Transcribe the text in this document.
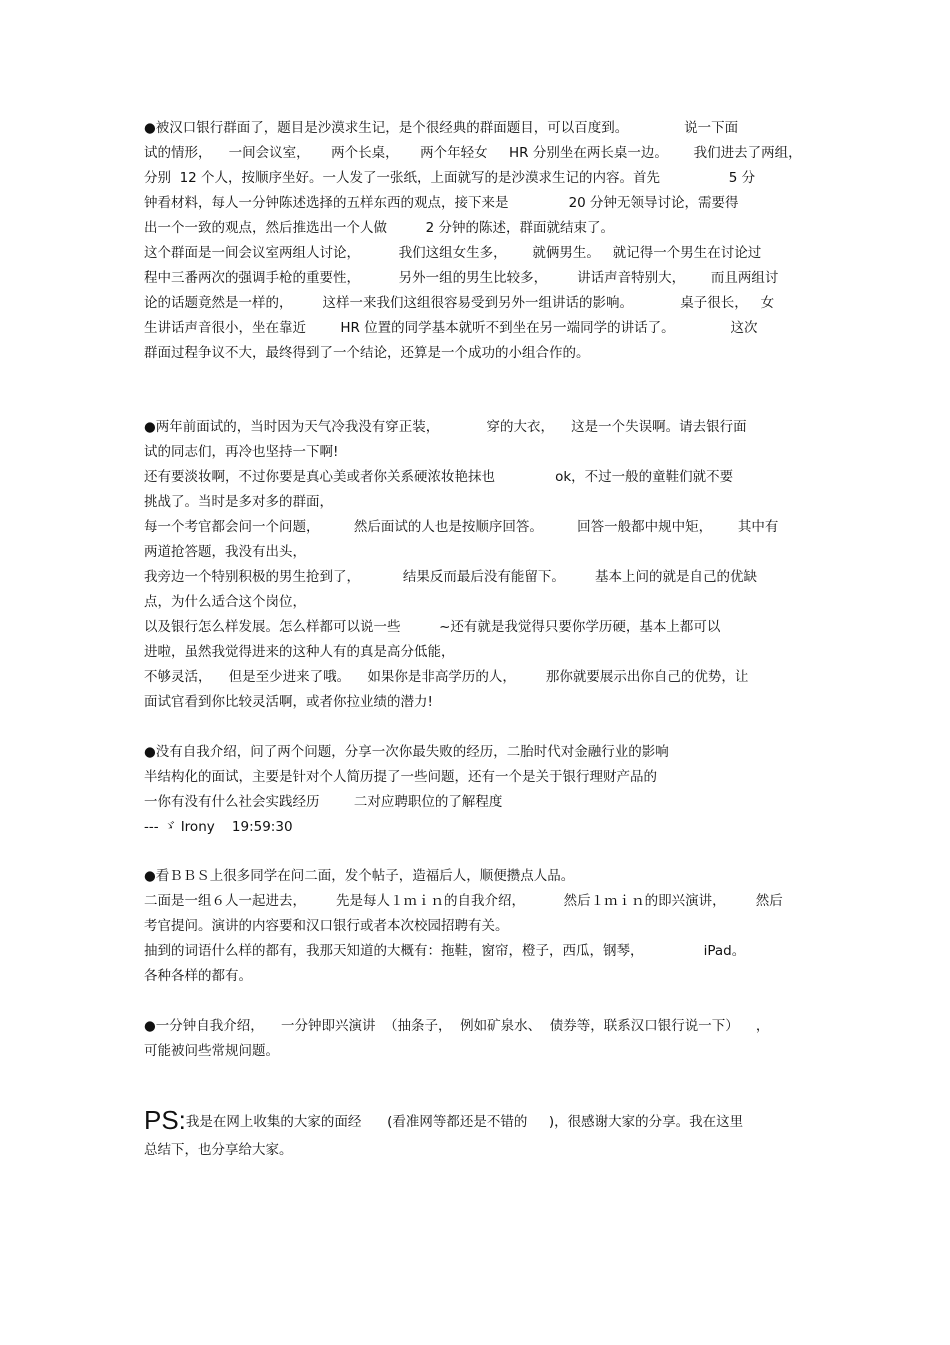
●被汉口银行群面了，题目是沙漠求生记，是个很经典的群面题目，可以百度到。             说一下面
试的情形，    一间会议室，     两个长桌，     两个年轻女     HR 分别坐在两长桌一边。      我们进去了两组，
分别  12 个人，按顺序坐好。一人发了一张纸，上面就写的是沙漠求生记的内容。首先                5 分
钟看材料，每人一分钟陈述选择的五样东西的观点，接下来是              20 分钟无领导讨论，需要得
出一个一致的观点，然后推选出一个人做         2 分钟的陈述，群面就结束了。
这个群面是一间会议室两组人讨论，         我们这组女生多，      就俩男生。   就记得一个男生在讨论过
程中三番两次的强调手枪的重要性，         另外一组的男生比较多，       讲话声音特别大，      而且两组讨
论的话题竟然是一样的，       这样一来我们这组很容易受到另外一组讲话的影响。           桌子很长，   女
生讲话声音很小，坐在靠近        HR 位置的同学基本就听不到坐在另一端同学的讲话了。             这次
群面过程争议不大，最终得到了一个结论，还算是一个成功的小组合作的。
●两年前面试的，当时因为天气冷我没有穿正装，           穿的大衣，    这是一个失误啊。请去银行面
试的同志们，再冷也坚持一下啊!
还有要淡妆啊，不过你要是真心美或者你关系硬浓妆艳抹也              ok，不过一般的童鞋们就不要
挑战了。当时是多对多的群面，
每一个考官都会问一个问题，        然后面试的人也是按顺序回答。        回答一般都中规中矩，      其中有
两道抢答题，我没有出头，
我旁边一个特别积极的男生抢到了，          结果反而最后没有能留下。       基本上问的就是自己的优缺
点，为什么适合这个岗位，
以及银行怎么样发展。怎么样都可以说一些         ~还有就是我觉得只要你学历硬，基本上都可以
进啦，虽然我觉得进来的这种人有的真是高分低能，
不够灵活，    但是至少进来了哦。    如果你是非高学历的人，       那你就要展示出你自己的优势，让
面试官看到你比较灵活啊，或者你拉业绩的潜力!
●没有自我介绍，问了两个问题，分享一次你最失败的经历，二胎时代对金融行业的影响
半结构化的面试，主要是针对个人简历提了一些问题，还有一个是关于银行理财产品的
一你有没有什么社会实践经历        二对应聘职位的了解程度
--- ゞ Irony    19:59:30
●看ＢＢＳ上很多同学在问二面，发个帖子，造福后人，顺便攒点人品。
二面是一组６人一起进去，       先是每人１ｍｉｎ的自我介绍，         然后１ｍｉｎ的即兴演讲，       然后
考官提问。演讲的内容要和汉口银行或者本次校园招聘有关。
抽到的词语什么样的都有，我那天知道的大概有：拖鞋，窗帘，橙子，西瓜，钢琴，              iPad。
各种各样的都有。
●一分钟自我介绍，    一分钟即兴演讲  （抽条子，  例如矿泉水、  债券等，联系汉口银行说一下）    ，
可能被问些常规问题。
PS:我是在网上收集的大家的面经      (看准网等都还是不错的     )，很感谢大家的分享。我在这里
总结下，也分享给大家。
